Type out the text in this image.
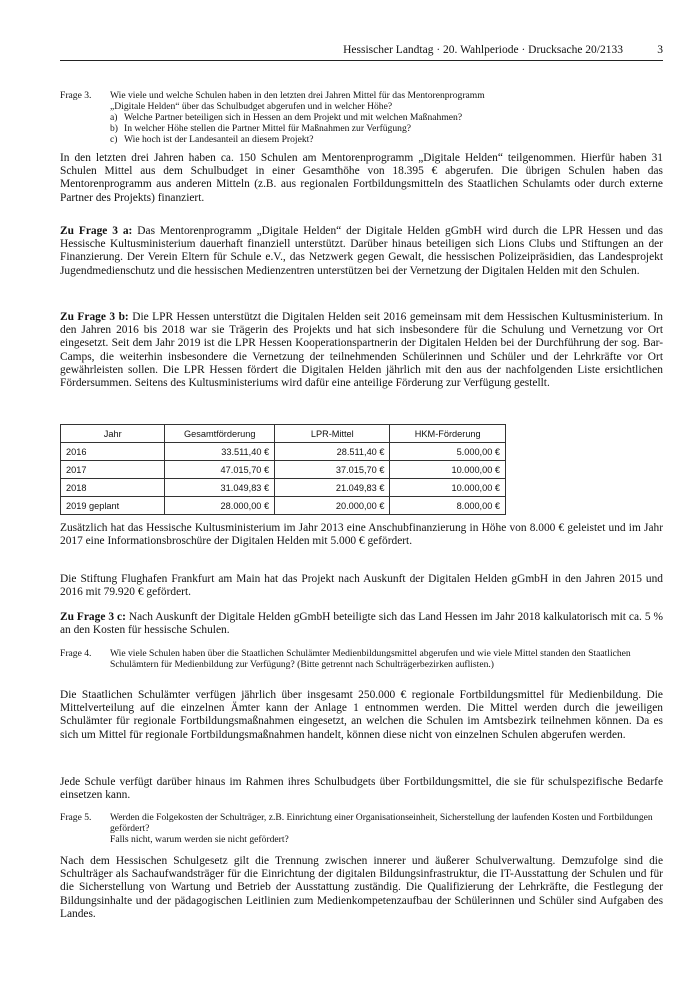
Hessischer Landtag · 20. Wahlperiode · Drucksache 20/2133	3
Frage 3.	Wie viele und welche Schulen haben in den letzten drei Jahren Mittel für das Mentorenprogramm
„Digitale Helden“ über das Schulbudget abgerufen und in welcher Höhe?
a) Welche Partner beteiligen sich in Hessen an dem Projekt und mit welchen Maßnahmen?
b) In welcher Höhe stellen die Partner Mittel für Maßnahmen zur Verfügung?
c) Wie hoch ist der Landesanteil an diesem Projekt?
In den letzten drei Jahren haben ca. 150 Schulen am Mentorenprogramm „Digitale Helden“ teilgenommen. Hierfür haben 31 Schulen Mittel aus dem Schulbudget in einer Gesamthöhe von 18.395 € abgerufen. Die übrigen Schulen haben das Mentorenprogramm aus anderen Mitteln (z.B. aus regionalen Fortbildungsmitteln des Staatlichen Schulamts oder durch externe Partner des Projekts) finanziert.
Zu Frage 3 a: Das Mentorenprogramm „Digitale Helden“ der Digitale Helden gGmbH wird durch die LPR Hessen und das Hessische Kultusministerium dauerhaft finanziell unterstützt. Darüber hinaus beteiligen sich Lions Clubs und Stiftungen an der Finanzierung. Der Verein Eltern für Schule e.V., das Netzwerk gegen Gewalt, die hessischen Polizeipräsidien, das Landesprojekt Jugendmedienschutz und die hessischen Medienzentren unterstützen bei der Vernetzung der Digitalen Helden mit den Schulen.
Zu Frage 3 b: Die LPR Hessen unterstützt die Digitalen Helden seit 2016 gemeinsam mit dem Hessischen Kultusministerium. In den Jahren 2016 bis 2018 war sie Trägerin des Projekts und hat sich insbesondere für die Schulung und Vernetzung vor Ort eingesetzt. Seit dem Jahr 2019 ist die LPR Hessen Kooperationspartnerin der Digitalen Helden bei der Durchführung der sog. Bar-Camps, die weiterhin insbesondere die Vernetzung der teilnehmenden Schülerinnen und Schüler und der Lehrkräfte vor Ort gewährleisten sollen. Die LPR Hessen fördert die Digitalen Helden jährlich mit den aus der nachfolgenden Liste ersichtlichen Fördersummen. Seitens des Kultusministeriums wird dafür eine anteilige Förderung zur Verfügung gestellt.
Jahr	Gesamtförderung	LPR-Mittel	HKM-Förderung
2016	33.511,40 €	28.511,40 €	5.000,00 €
2017	47.015,70 €	37.015,70 €	10.000,00 €
2018	31.049,83 €	21.049,83 €	10.000,00 €
2019 geplant	28.000,00 €	20.000,00 €	8.000,00 €
Zusätzlich hat das Hessische Kultusministerium im Jahr 2013 eine Anschubfinanzierung in Höhe von 8.000 € geleistet und im Jahr 2017 eine Informationsbroschüre der Digitalen Helden mit 5.000 € gefördert.
Die Stiftung Flughafen Frankfurt am Main hat das Projekt nach Auskunft der Digitalen Helden gGmbH in den Jahren 2015 und 2016 mit 79.920 € gefördert.
Zu Frage 3 c: Nach Auskunft der Digitale Helden gGmbH beteiligte sich das Land Hessen im Jahr 2018 kalkulatorisch mit ca. 5 % an den Kosten für hessische Schulen.
Frage 4.	Wie viele Schulen haben über die Staatlichen Schulämter Medienbildungsmittel abgerufen und wie viele Mittel standen den Staatlichen Schulämtern für Medienbildung zur Verfügung? (Bitte getrennt nach Schulträgerbezirken auflisten.)
Die Staatlichen Schulämter verfügen jährlich über insgesamt 250.000 € regionale Fortbildungsmittel für Medienbildung. Die Mittelverteilung auf die einzelnen Ämter kann der Anlage 1 entnommen werden. Die Mittel werden durch die jeweiligen Schulämter für regionale Fortbildungsmaßnahmen eingesetzt, an welchen die Schulen im Amtsbezirk teilnehmen können. Da es sich um Mittel für regionale Fortbildungsmaßnahmen handelt, können diese nicht von einzelnen Schulen abgerufen werden.
Jede Schule verfügt darüber hinaus im Rahmen ihres Schulbudgets über Fortbildungsmittel, die sie für schulspezifische Bedarfe einsetzen kann.
Frage 5.	Werden die Folgekosten der Schulträger, z.B. Einrichtung einer Organisationseinheit, Sicherstellung der laufenden Kosten und Fortbildungen gefördert?
Falls nicht, warum werden sie nicht gefördert?
Nach dem Hessischen Schulgesetz gilt die Trennung zwischen innerer und äußerer Schulverwaltung. Demzufolge sind die Schulträger als Sachaufwandsträger für die Einrichtung der digitalen Bildungsinfrastruktur, die IT-Ausstattung der Schulen und für die Sicherstellung von Wartung und Betrieb der Ausstattung zuständig. Die Qualifizierung der Lehrkräfte, die Festlegung der Bildungsinhalte und der pädagogischen Leitlinien zum Medienkompetenzaufbau der Schülerinnen und Schüler sind Aufgaben des Landes.
